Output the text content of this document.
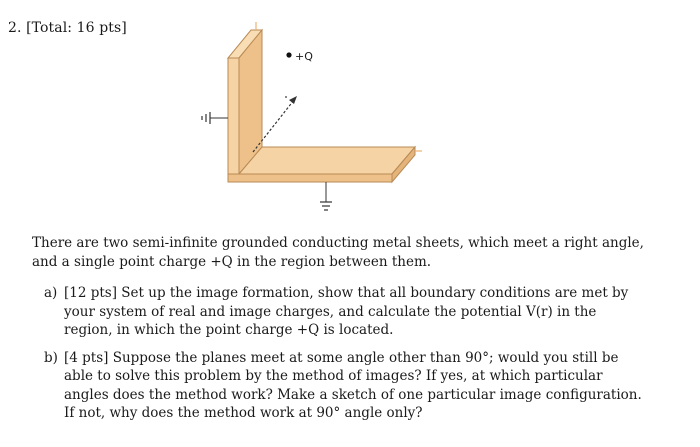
2. [Total: 16 pts]
+Q
There are two semi-infinite grounded conducting metal sheets, which meet a right angle, and a single point charge +Q in the region between them.
a) [12 pts] Set up the image formation, show that all boundary conditions are met by your system of real and image charges, and calculate the potential V(r) in the region, in which the point charge +Q is located.
b) [4 pts] Suppose the planes meet at some angle other than 90°; would you still be able to solve this problem by the method of images? If yes, at which particular angles does the method work? Make a sketch of one particular image configuration. If not, why does the method work at 90° angle only?
